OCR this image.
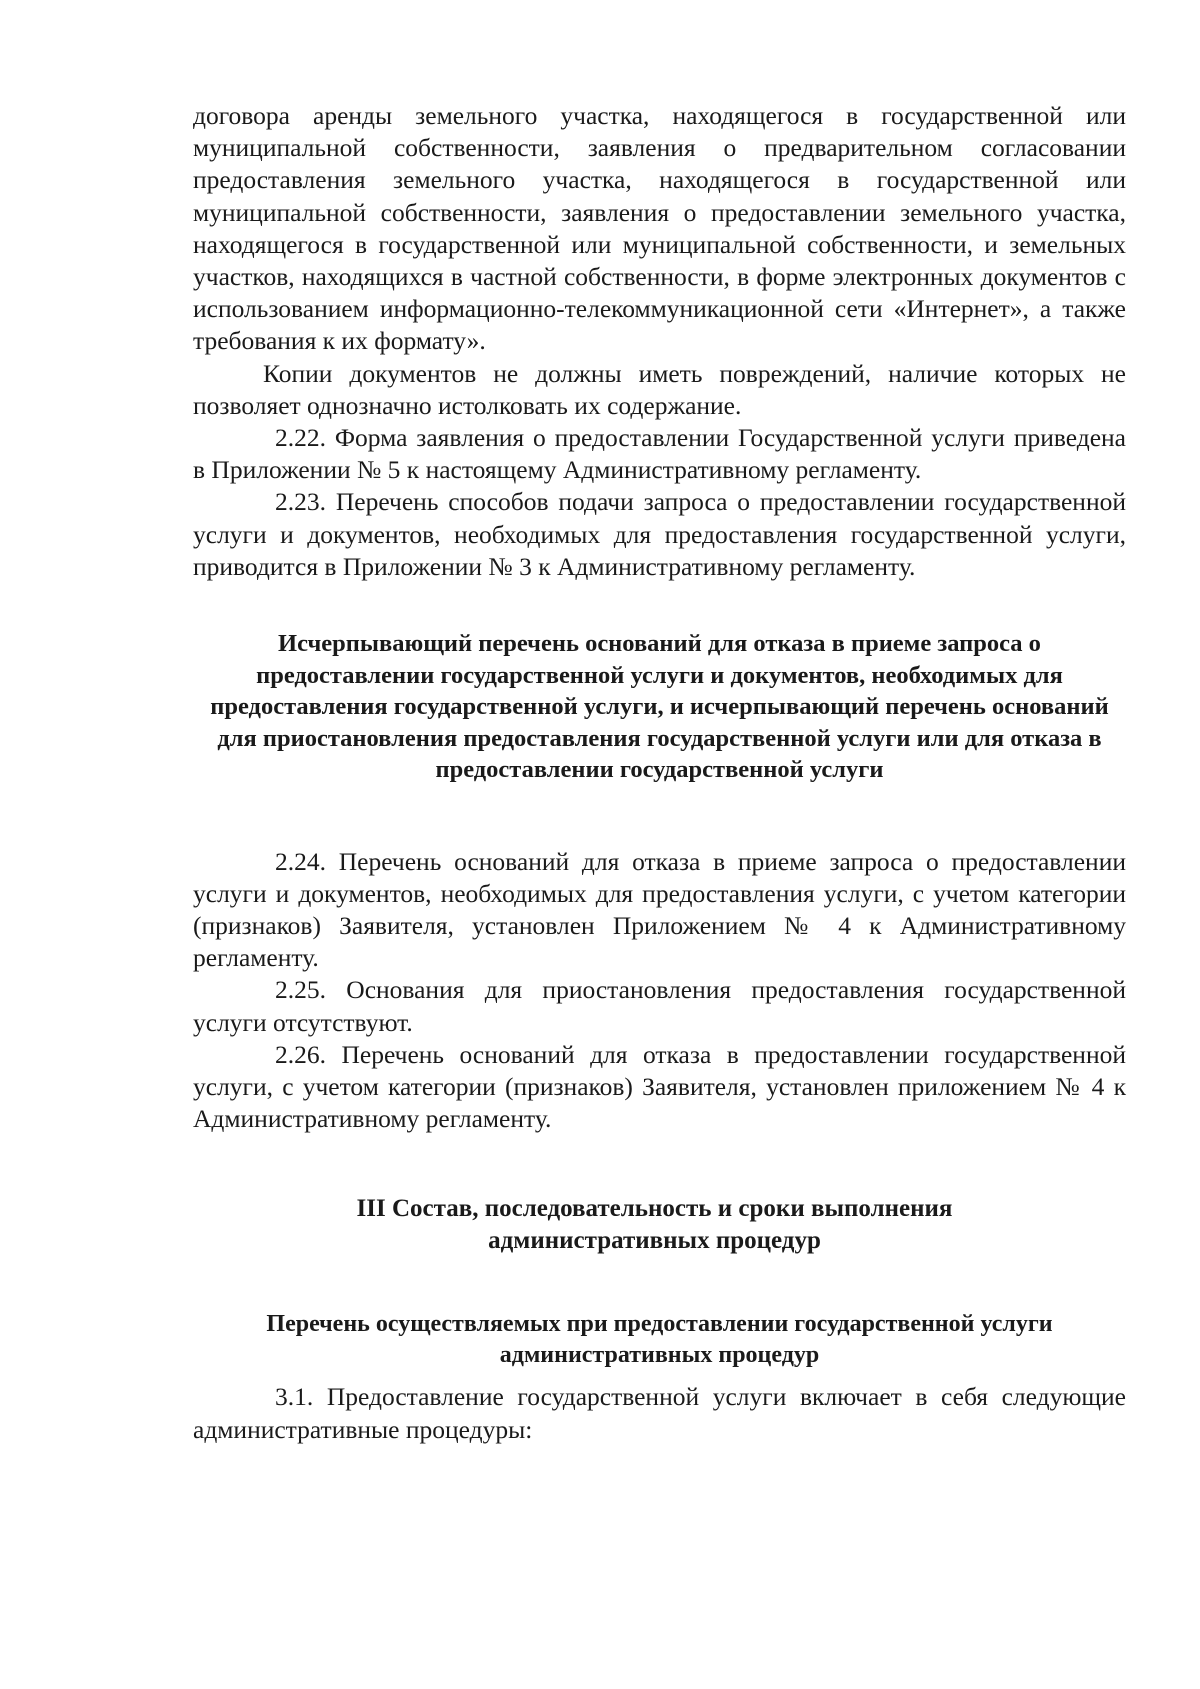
договора аренды земельного участка, находящегося в государственной или муниципальной собственности, заявления о предварительном согласовании предоставления земельного участка, находящегося в государственной или муниципальной собственности, заявления о предоставлении земельного участка, находящегося в государственной или муниципальной собственности, и земельных участков, находящихся в частной собственности, в форме электронных документов с использованием информационно-телекоммуникационной сети «Интернет», а также требования к их формату».

Копии документов не должны иметь повреждений, наличие которых не позволяет однозначно истолковать их содержание.

2.22. Форма заявления о предоставлении Государственной услуги приведена в Приложении № 5 к настоящему Административному регламенту.

2.23. Перечень способов подачи запроса о предоставлении государственной услуги и документов, необходимых для предоставления государственной услуги, приводится в Приложении № 3 к Административному регламенту.

Исчерпывающий перечень оснований для отказа в приеме запроса о предоставлении государственной услуги и документов, необходимых для предоставления государственной услуги, и исчерпывающий перечень оснований для приостановления предоставления государственной услуги или для отказа в предоставлении государственной услуги

2.24. Перечень оснований для отказа в приеме запроса о предоставлении услуги и документов, необходимых для предоставления услуги, с учетом категории (признаков) Заявителя, установлен Приложением № 4 к Административному регламенту.

2.25. Основания для приостановления предоставления государственной услуги отсутствуют.

2.26. Перечень оснований для отказа в предоставлении государственной услуги, с учетом категории (признаков) Заявителя, установлен приложением № 4 к Административному регламенту.

III Состав, последовательность и сроки выполнения административных процедур

Перечень осуществляемых при предоставлении государственной услуги административных процедур

3.1. Предоставление государственной услуги включает в себя следующие административные процедуры:
